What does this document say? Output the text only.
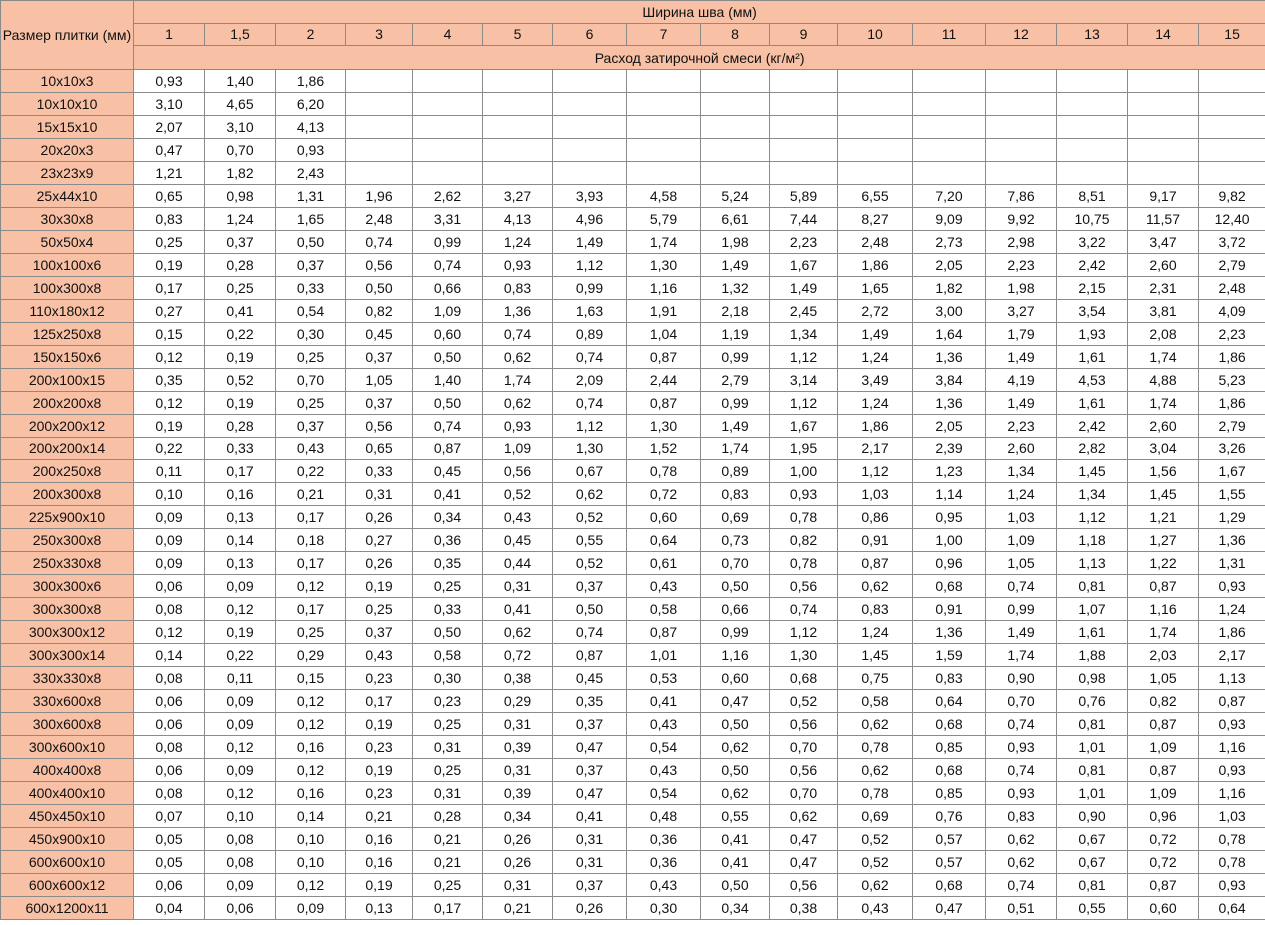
Размер плитки (мм)	Ширина шва (мм)															
	1	1,5	2	3	4	5	6	7	8	9	10	11	12	13	14	15
	Расход затирочной смеси (кг/м²)															
10x10x3	0,93	1,40	1,86													
10x10x10	3,10	4,65	6,20													
15x15x10	2,07	3,10	4,13													
20x20x3	0,47	0,70	0,93													
23x23x9	1,21	1,82	2,43													
25x44x10	0,65	0,98	1,31	1,96	2,62	3,27	3,93	4,58	5,24	5,89	6,55	7,20	7,86	8,51	9,17	9,82
30x30x8	0,83	1,24	1,65	2,48	3,31	4,13	4,96	5,79	6,61	7,44	8,27	9,09	9,92	10,75	11,57	12,40
50x50x4	0,25	0,37	0,50	0,74	0,99	1,24	1,49	1,74	1,98	2,23	2,48	2,73	2,98	3,22	3,47	3,72
100x100x6	0,19	0,28	0,37	0,56	0,74	0,93	1,12	1,30	1,49	1,67	1,86	2,05	2,23	2,42	2,60	2,79
100x300x8	0,17	0,25	0,33	0,50	0,66	0,83	0,99	1,16	1,32	1,49	1,65	1,82	1,98	2,15	2,31	2,48
110x180x12	0,27	0,41	0,54	0,82	1,09	1,36	1,63	1,91	2,18	2,45	2,72	3,00	3,27	3,54	3,81	4,09
125x250x8	0,15	0,22	0,30	0,45	0,60	0,74	0,89	1,04	1,19	1,34	1,49	1,64	1,79	1,93	2,08	2,23
150x150x6	0,12	0,19	0,25	0,37	0,50	0,62	0,74	0,87	0,99	1,12	1,24	1,36	1,49	1,61	1,74	1,86
200x100x15	0,35	0,52	0,70	1,05	1,40	1,74	2,09	2,44	2,79	3,14	3,49	3,84	4,19	4,53	4,88	5,23
200x200x8	0,12	0,19	0,25	0,37	0,50	0,62	0,74	0,87	0,99	1,12	1,24	1,36	1,49	1,61	1,74	1,86
200x200x12	0,19	0,28	0,37	0,56	0,74	0,93	1,12	1,30	1,49	1,67	1,86	2,05	2,23	2,42	2,60	2,79
200x200x14	0,22	0,33	0,43	0,65	0,87	1,09	1,30	1,52	1,74	1,95	2,17	2,39	2,60	2,82	3,04	3,26
200x250x8	0,11	0,17	0,22	0,33	0,45	0,56	0,67	0,78	0,89	1,00	1,12	1,23	1,34	1,45	1,56	1,67
200x300x8	0,10	0,16	0,21	0,31	0,41	0,52	0,62	0,72	0,83	0,93	1,03	1,14	1,24	1,34	1,45	1,55
225x900x10	0,09	0,13	0,17	0,26	0,34	0,43	0,52	0,60	0,69	0,78	0,86	0,95	1,03	1,12	1,21	1,29
250x300x8	0,09	0,14	0,18	0,27	0,36	0,45	0,55	0,64	0,73	0,82	0,91	1,00	1,09	1,18	1,27	1,36
250x330x8	0,09	0,13	0,17	0,26	0,35	0,44	0,52	0,61	0,70	0,78	0,87	0,96	1,05	1,13	1,22	1,31
300x300x6	0,06	0,09	0,12	0,19	0,25	0,31	0,37	0,43	0,50	0,56	0,62	0,68	0,74	0,81	0,87	0,93
300x300x8	0,08	0,12	0,17	0,25	0,33	0,41	0,50	0,58	0,66	0,74	0,83	0,91	0,99	1,07	1,16	1,24
300x300x12	0,12	0,19	0,25	0,37	0,50	0,62	0,74	0,87	0,99	1,12	1,24	1,36	1,49	1,61	1,74	1,86
300x300x14	0,14	0,22	0,29	0,43	0,58	0,72	0,87	1,01	1,16	1,30	1,45	1,59	1,74	1,88	2,03	2,17
330x330x8	0,08	0,11	0,15	0,23	0,30	0,38	0,45	0,53	0,60	0,68	0,75	0,83	0,90	0,98	1,05	1,13
330x600x8	0,06	0,09	0,12	0,17	0,23	0,29	0,35	0,41	0,47	0,52	0,58	0,64	0,70	0,76	0,82	0,87
300x600x8	0,06	0,09	0,12	0,19	0,25	0,31	0,37	0,43	0,50	0,56	0,62	0,68	0,74	0,81	0,87	0,93
300x600x10	0,08	0,12	0,16	0,23	0,31	0,39	0,47	0,54	0,62	0,70	0,78	0,85	0,93	1,01	1,09	1,16
400x400x8	0,06	0,09	0,12	0,19	0,25	0,31	0,37	0,43	0,50	0,56	0,62	0,68	0,74	0,81	0,87	0,93
400x400x10	0,08	0,12	0,16	0,23	0,31	0,39	0,47	0,54	0,62	0,70	0,78	0,85	0,93	1,01	1,09	1,16
450x450x10	0,07	0,10	0,14	0,21	0,28	0,34	0,41	0,48	0,55	0,62	0,69	0,76	0,83	0,90	0,96	1,03
450x900x10	0,05	0,08	0,10	0,16	0,21	0,26	0,31	0,36	0,41	0,47	0,52	0,57	0,62	0,67	0,72	0,78
600x600x10	0,05	0,08	0,10	0,16	0,21	0,26	0,31	0,36	0,41	0,47	0,52	0,57	0,62	0,67	0,72	0,78
600x600x12	0,06	0,09	0,12	0,19	0,25	0,31	0,37	0,43	0,50	0,56	0,62	0,68	0,74	0,81	0,87	0,93
600x1200x11	0,04	0,06	0,09	0,13	0,17	0,21	0,26	0,30	0,34	0,38	0,43	0,47	0,51	0,55	0,60	0,64
